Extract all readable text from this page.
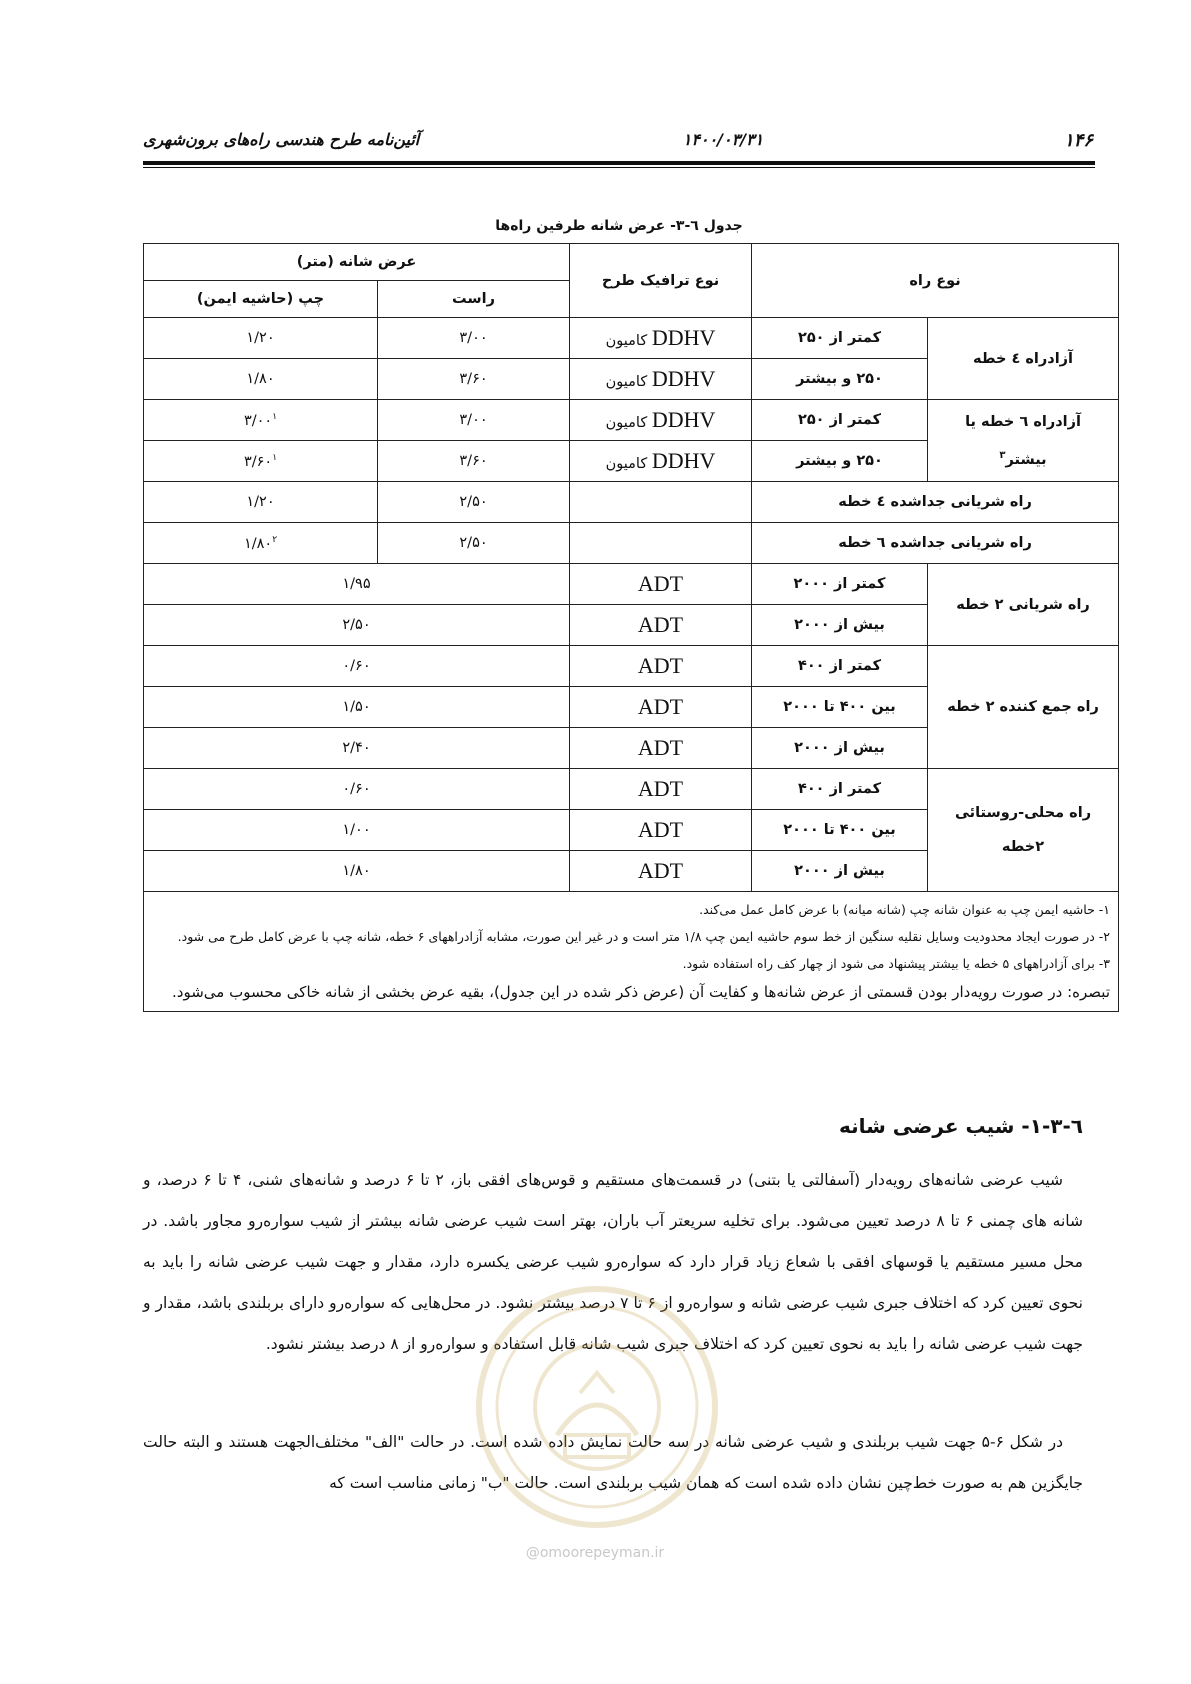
۱۴۶
۱۴۰۰/۰۳/۳۱
آئین‌نامه طرح هندسی راه‌های برون‌شهری
جدول ٦-٣- عرض شانه طرفین راه‌ها
نوع راه		نوع ترافیک طرح	عرض شانه (متر)	
			راست	چپ (حاشیه ایمن)
آزادراه ٤ خطه	کمتر از ۲۵۰	DDHV کامیون	۳/۰۰	۱/۲۰
	۲۵۰ و بیشتر	DDHV کامیون	۳/۶۰	۱/۸۰
آزادراه ٦ خطه یا
بیشتر$^٣$	کمتر از ۲۵۰	DDHV کامیون	۳/۰۰	$۳/۰۰^۱$
	۲۵۰ و بیشتر	DDHV کامیون	۳/۶۰	$۳/۶۰^۱$
راه شریانی جداشده ٤ خطه			۲/۵۰	۱/۲۰
راه شریانی جداشده ٦ خطه			۲/۵۰	$۱/۸۰^۲$
راه شریانی ۲ خطه	کمتر از ۲۰۰۰	ADT	۱/۹۵	
	بیش از ۲۰۰۰	ADT	۲/۵۰	
راه جمع کننده ۲ خطه	کمتر از ۴۰۰	ADT	۰/۶۰	
	بین ۴۰۰ تا ۲۰۰۰	ADT	۱/۵۰	
	بیش از ۲۰۰۰	ADT	۲/۴۰	
راه محلی-روستائی
۲خطه	کمتر از ۴۰۰	ADT	۰/۶۰	
	بین ۴۰۰ تا ۲۰۰۰	ADT	۱/۰۰	
	بیش از ۲۰۰۰	ADT	۱/۸۰	

۱- حاشیه ایمن چپ به عنوان شانه چپ (شانه میانه) با عرض کامل عمل می‌کند.
۲- در صورت ایجاد محدودیت وسایل نقلیه سنگین از خط سوم حاشیه ایمن چپ ۱/۸ متر است و در غیر این صورت، مشابه آزادراههای ۶ خطه، شانه چپ با عرض کامل طرح می شود.
۳- برای آزادراههای ۵ خطه یا بیشتر پیشنهاد می شود از چهار کف راه استفاده شود.
تبصره: در صورت رویه‌دار بودن قسمتی از عرض شانه‌ها و کفایت آن (عرض ذکر شده در این جدول)، بقیه عرض بخشی از شانه خاکی محسوب می‌شود.				
٦-٣-١- شیب عرضی شانه
شیب عرضی شانه‌های رویه‌دار (آسفالتی یا بتنی) در قسمت‌های مستقیم و قوس‌های افقی باز، ۲ تا ۶ درصد و شانه‌های شنی، ۴ تا ۶ درصد، و شانه های چمنی ۶ تا ۸ درصد تعیین می‌شود. برای تخلیه سریعتر آب باران، بهتر است شیب عرضی شانه بیشتر از شیب سواره‌رو مجاور باشد. در محل مسیر مستقیم یا قوسهای افقی با شعاع زیاد قرار دارد که سواره‌رو شیب عرضی یکسره دارد، مقدار و جهت شیب عرضی شانه را باید به نحوی تعیین کرد که اختلاف جبری شیب عرضی شانه و سواره‌رو از ۶ تا ۷ درصد بیشتر نشود. در محل‌هایی که سواره‌رو دارای بربلندی باشد، مقدار و جهت شیب عرضی شانه را باید به نحوی تعیین کرد که اختلاف جبری شیب شانه قابل استفاده و سواره‌رو از ۸ درصد بیشتر نشود.
در شکل ۶-۵ جهت شیب بربلندی و شیب عرضی شانه در سه حالت نمایش داده شده است. در حالت "الف" مختلف‌الجهت هستند و البته حالت جایگزین هم به صورت خط‌چین نشان داده شده است که همان شیب بربلندی است. حالت "ب" زمانی مناسب است که
@omoorepeyman.ir
